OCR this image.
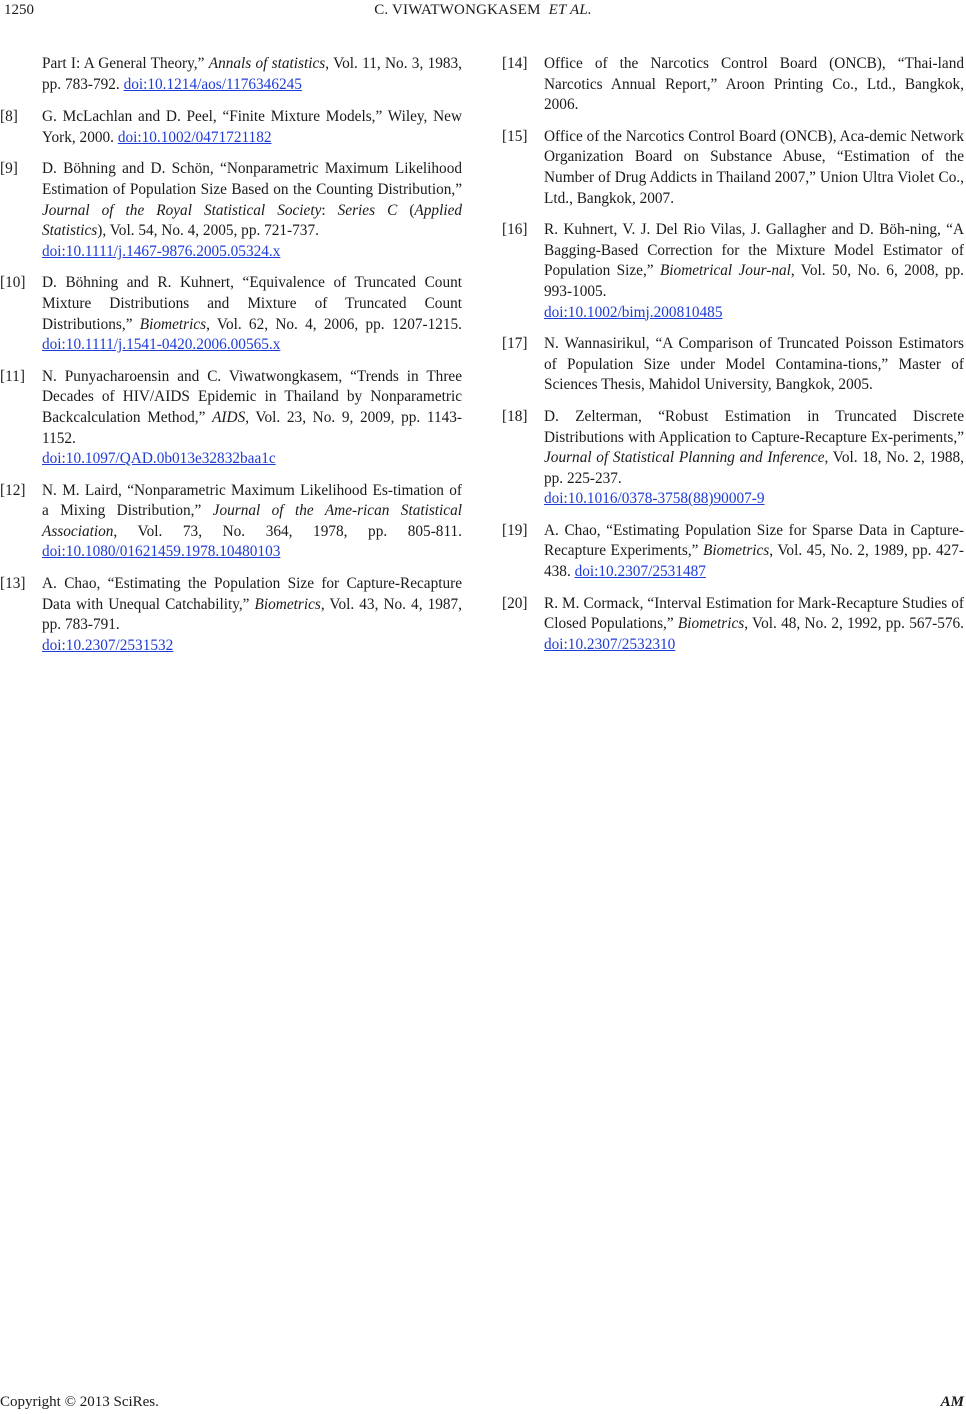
1250	C. VIWATWONGKASEM ET AL.
Part I: A General Theory,” Annals of statistics, Vol. 11, No. 3, 1983, pp. 783-792. doi:10.1214/aos/1176346245
[8] G. McLachlan and D. Peel, “Finite Mixture Models,” Wiley, New York, 2000. doi:10.1002/0471721182
[9] D. Böhning and D. Schön, “Nonparametric Maximum Likelihood Estimation of Population Size Based on the Counting Distribution,” Journal of the Royal Statistical Society: Series C (Applied Statistics), Vol. 54, No. 4, 2005, pp. 721-737.
doi:10.1111/j.1467-9876.2005.05324.x
[10] D. Böhning and R. Kuhnert, “Equivalence of Truncated Count Mixture Distributions and Mixture of Truncated Count Distributions,” Biometrics, Vol. 62, No. 4, 2006, pp. 1207-1215. doi:10.1111/j.1541-0420.2006.00565.x
[11] N. Punyacharoensin and C. Viwatwongkasem, “Trends in Three Decades of HIV/AIDS Epidemic in Thailand by Nonparametric Backcalculation Method,” AIDS, Vol. 23, No. 9, 2009, pp. 1143-1152.
doi:10.1097/QAD.0b013e32832baa1c
[12] N. M. Laird, “Nonparametric Maximum Likelihood Es-timation of a Mixing Distribution,” Journal of the Ame-rican Statistical Association, Vol. 73, No. 364, 1978, pp. 805-811. doi:10.1080/01621459.1978.10480103
[13] A. Chao, “Estimating the Population Size for Capture-Recapture Data with Unequal Catchability,” Biometrics, Vol. 43, No. 4, 1987, pp. 783-791.
doi:10.2307/2531532
[14] Office of the Narcotics Control Board (ONCB), “Thai-land Narcotics Annual Report,” Aroon Printing Co., Ltd., Bangkok, 2006.
[15] Office of the Narcotics Control Board (ONCB), Aca-demic Network Organization Board on Substance Abuse, “Estimation of the Number of Drug Addicts in Thailand 2007,” Union Ultra Violet Co., Ltd., Bangkok, 2007.
[16] R. Kuhnert, V. J. Del Rio Vilas, J. Gallagher and D. Böh-ning, “A Bagging-Based Correction for the Mixture Model Estimator of Population Size,” Biometrical Jour-nal, Vol. 50, No. 6, 2008, pp. 993-1005.
doi:10.1002/bimj.200810485
[17] N. Wannasirikul, “A Comparison of Truncated Poisson Estimators of Population Size under Model Contamina-tions,” Master of Sciences Thesis, Mahidol University, Bangkok, 2005.
[18] D. Zelterman, “Robust Estimation in Truncated Discrete Distributions with Application to Capture-Recapture Ex-periments,” Journal of Statistical Planning and Inference, Vol. 18, No. 2, 1988, pp. 225-237.
doi:10.1016/0378-3758(88)90007-9
[19] A. Chao, “Estimating Population Size for Sparse Data in Capture-Recapture Experiments,” Biometrics, Vol. 45, No. 2, 1989, pp. 427-438. doi:10.2307/2531487
[20] R. M. Cormack, “Interval Estimation for Mark-Recapture Studies of Closed Populations,” Biometrics, Vol. 48, No. 2, 1992, pp. 567-576. doi:10.2307/2532310
Copyright © 2013 SciRes.	AM
